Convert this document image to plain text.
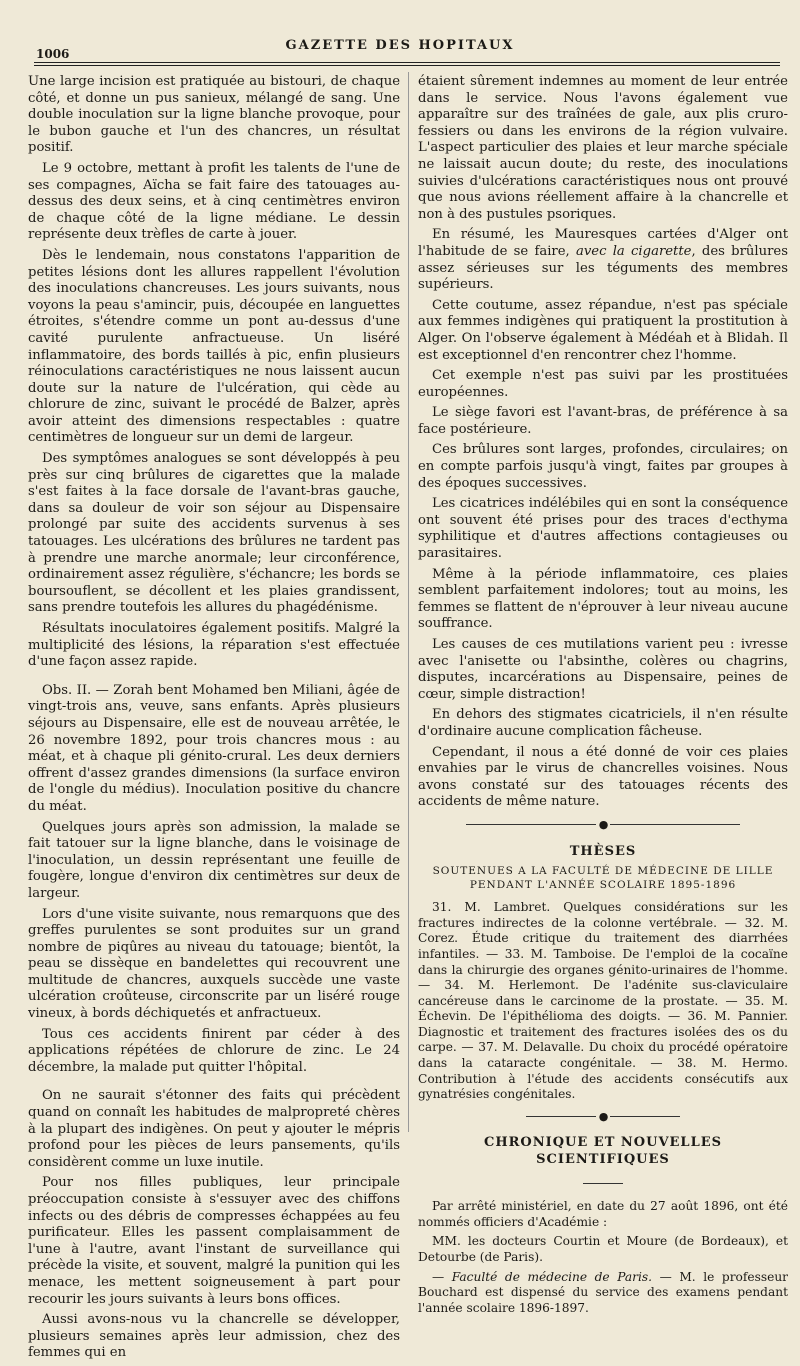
1006
GAZETTE DES HOPITAUX

Une large incision est pratiquée au bistouri, de chaque côté, et donne un pus sanieux, mélangé de sang. Une double inoculation sur la ligne blanche provoque, pour le bubon gauche et l'un des chancres, un résultat positif.

Le 9 octobre, mettant à profit les talents de l'une de ses compagnes, Aïcha se fait faire des tatouages au-dessus des deux seins, et à cinq centimètres environ de chaque côté de la ligne médiane. Le dessin représente deux trèfles de carte à jouer.

Dès le lendemain, nous constatons l'apparition de petites lésions dont les allures rappellent l'évolution des inoculations chancreuses. Les jours suivants, nous voyons la peau s'amincir, puis, découpée en languettes étroites, s'étendre comme un pont au-dessus d'une cavité purulente anfractueuse. Un liséré inflammatoire, des bords taillés à pic, enfin plusieurs réinoculations caractéristiques ne nous laissent aucun doute sur la nature de l'ulcération, qui cède au chlorure de zinc, suivant le procédé de Balzer, après avoir atteint des dimensions respectables : quatre centimètres de longueur sur un demi de largeur.

Des symptômes analogues se sont développés à peu près sur cinq brûlures de cigarettes que la malade s'est faites à la face dorsale de l'avant-bras gauche, dans sa douleur de voir son séjour au Dispensaire prolongé par suite des accidents survenus à ses tatouages. Les ulcérations des brûlures ne tardent pas à prendre une marche anormale; leur circonférence, ordinairement assez régulière, s'échancre; les bords se boursouflent, se décollent et les plaies grandissent, sans prendre toutefois les allures du phagédénisme.

Résultats inoculatoires également positifs. Malgré la multiplicité des lésions, la réparation s'est effectuée d'une façon assez rapide.

Obs. II. — Zorah bent Mohamed ben Miliani, âgée de vingt-trois ans, veuve, sans enfants. Après plusieurs séjours au Dispensaire, elle est de nouveau arrêtée, le 26 novembre 1892, pour trois chancres mous : au méat, et à chaque pli génito-crural. Les deux derniers offrent d'assez grandes dimensions (la surface environ de l'ongle du médius). Inoculation positive du chancre du méat.

Quelques jours après son admission, la malade se fait tatouer sur la ligne blanche, dans le voisinage de l'inoculation, un dessin représentant une feuille de fougère, longue d'environ dix centimètres sur deux de largeur.

Lors d'une visite suivante, nous remarquons que des greffes purulentes se sont produites sur un grand nombre de piqûres au niveau du tatouage; bientôt, la peau se dissèque en bandelettes qui recouvrent une multitude de chancres, auxquels succède une vaste ulcération croûteuse, circonscrite par un liséré rouge vineux, à bords déchiquetés et anfractueux.

Tous ces accidents finirent par céder à des applications répétées de chlorure de zinc. Le 24 décembre, la malade put quitter l'hôpital.

On ne saurait s'étonner des faits qui précèdent quand on connaît les habitudes de malpropreté chères à la plupart des indigènes. On peut y ajouter le mépris profond pour les pièces de leurs pansements, qu'ils considèrent comme un luxe inutile.

Pour nos filles publiques, leur principale préoccupation consiste à s'essuyer avec des chiffons infects ou des débris de compresses échappées au feu purificateur. Elles les passent complaisamment de l'une à l'autre, avant l'instant de surveillance qui précède la visite, et souvent, malgré la punition qui les menace, les mettent soigneusement à part pour recourir les jours suivants à leurs bons offices.

Aussi avons-nous vu la chancrelle se développer, plusieurs semaines après leur admission, chez des femmes qui en

étaient sûrement indemnes au moment de leur entrée dans le service. Nous l'avons également vue apparaître sur des traînées de gale, aux plis cruro-fessiers ou dans les environs de la région vulvaire. L'aspect particulier des plaies et leur marche spéciale ne laissait aucun doute; du reste, des inoculations suivies d'ulcérations caractéristiques nous ont prouvé que nous avions réellement affaire à la chancrelle et non à des pustules psoriques.

En résumé, les Mauresques cartées d'Alger ont l'habitude de se faire, avec la cigarette, des brûlures assez sérieuses sur les téguments des membres supérieurs.

Cette coutume, assez répandue, n'est pas spéciale aux femmes indigènes qui pratiquent la prostitution à Alger. On l'observe également à Médéah et à Blidah. Il est exceptionnel d'en rencontrer chez l'homme.

Cet exemple n'est pas suivi par les prostituées européennes.

Le siège favori est l'avant-bras, de préférence à sa face postérieure.

Ces brûlures sont larges, profondes, circulaires; on en compte parfois jusqu'à vingt, faites par groupes à des époques successives.

Les cicatrices indélébiles qui en sont la conséquence ont souvent été prises pour des traces d'ecthyma syphilitique et d'autres affections contagieuses ou parasitaires.

Même à la période inflammatoire, ces plaies semblent parfaitement indolores; tout au moins, les femmes se flattent de n'éprouver à leur niveau aucune souffrance.

Les causes de ces mutilations varient peu : ivresse avec l'anisette ou l'absinthe, colères ou chagrins, disputes, incarcérations au Dispensaire, peines de cœur, simple distraction!

En dehors des stigmates cicatriciels, il n'en résulte d'ordinaire aucune complication fâcheuse.

Cependant, il nous a été donné de voir ces plaies envahies par le virus de chancrelles voisines. Nous avons constaté sur des tatouages récents des accidents de même nature.

●
THÈSES
SOUTENUES A LA FACULTÉ DE MÉDECINE DE LILLE
PENDANT L'ANNÉE SCOLAIRE 1895-1896

31. M. Lambret. Quelques considérations sur les fractures indirectes de la colonne vertébrale. — 32. M. Corez. Étude critique du traitement des diarrhées infantiles. — 33. M. Tamboise. De l'emploi de la cocaïne dans la chirurgie des organes génito-urinaires de l'homme. — 34. M. Herlemont. De l'adénite sus-claviculaire cancéreuse dans le carcinome de la prostate. — 35. M. Échevin. De l'épithélioma des doigts. — 36. M. Pannier. Diagnostic et traitement des fractures isolées des os du carpe. — 37. M. Delavalle. Du choix du procédé opératoire dans la cataracte congénitale. — 38. M. Hermo. Contribution à l'étude des accidents consécutifs aux gynatrésies congénitales.

●
CHRONIQUE ET NOUVELLES SCIENTIFIQUES

Par arrêté ministériel, en date du 27 août 1896, ont été nommés officiers d'Académie :

MM. les docteurs Courtin et Moure (de Bordeaux), et Detourbe (de Paris).

— Faculté de médecine de Paris. — M. le professeur Bouchard est dispensé du service des examens pendant l'année scolaire 1896-1897.
